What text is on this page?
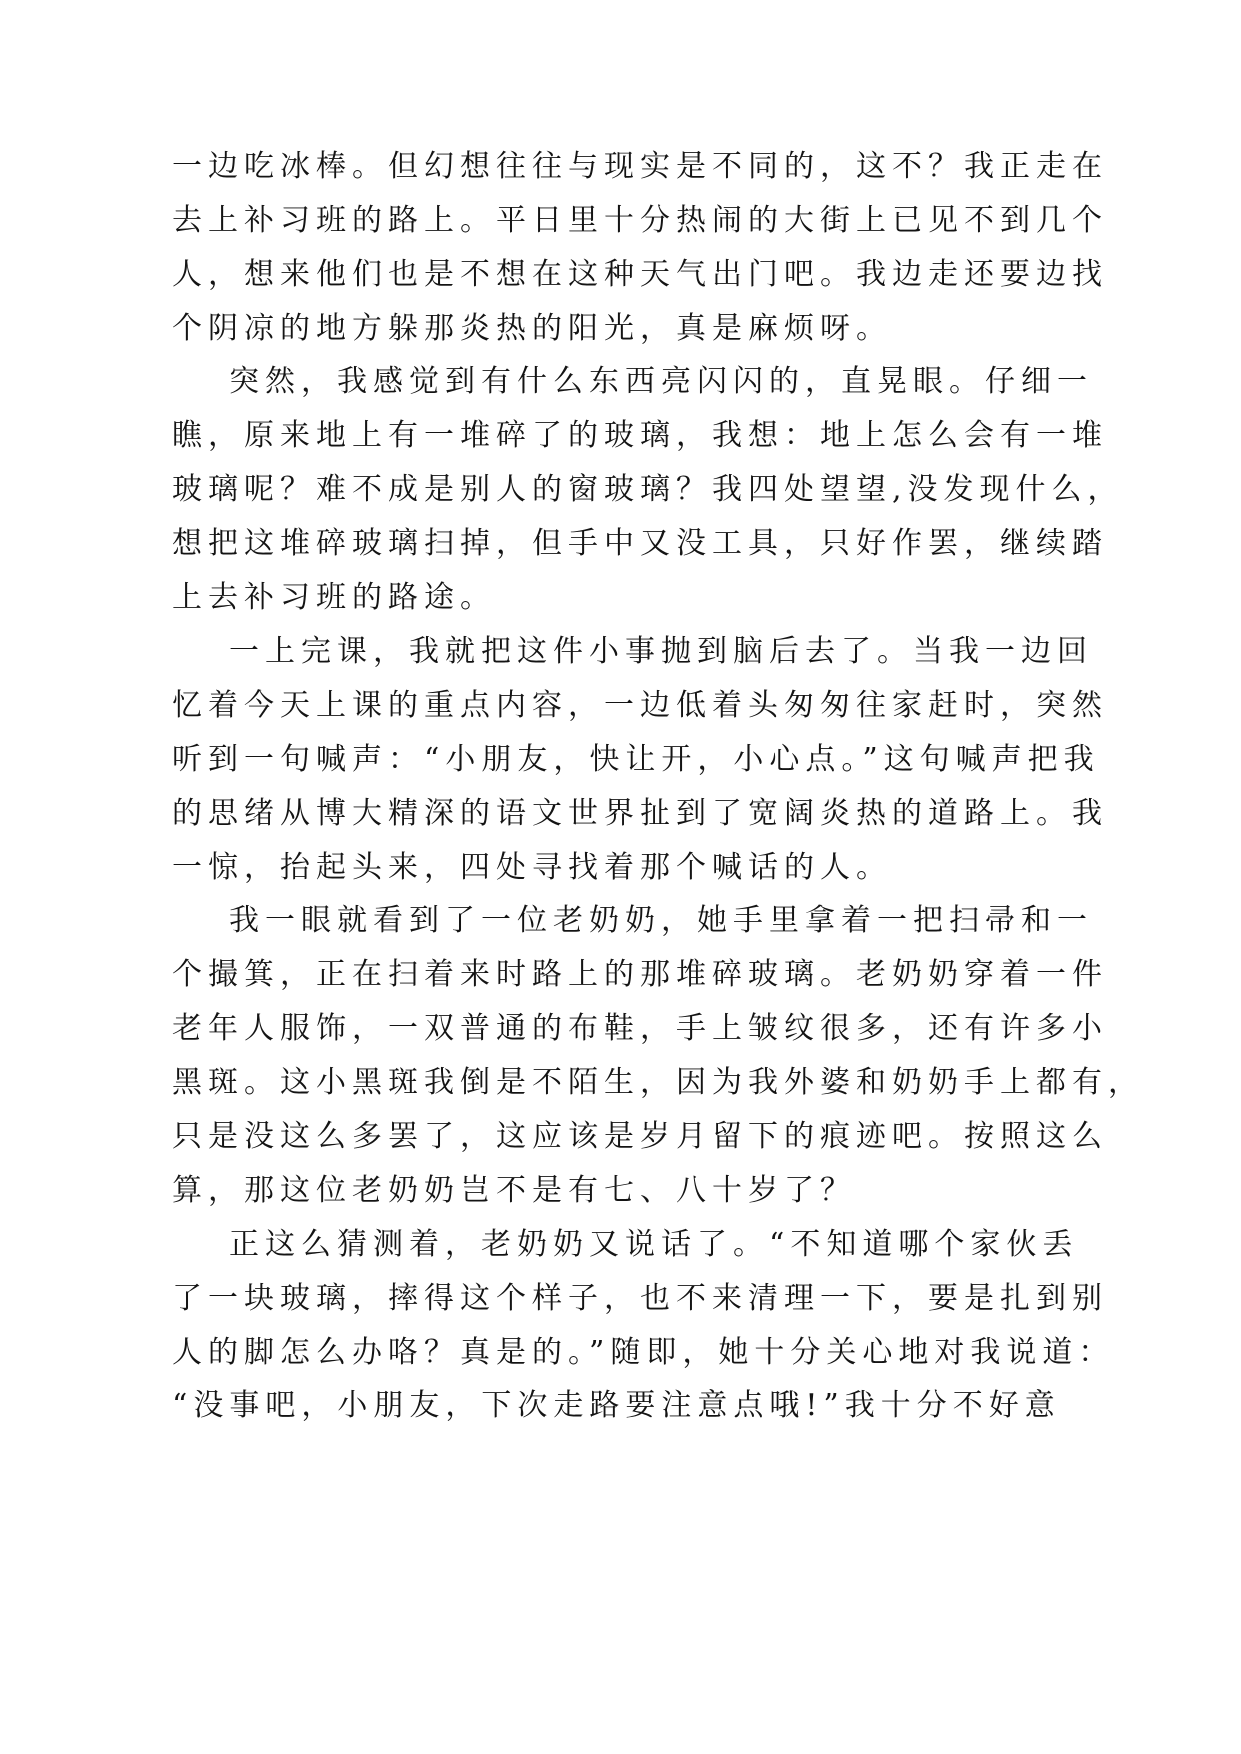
一边吃冰棒。但幻想往往与现实是不同的，这不？我正走在
去上补习班的路上。平日里十分热闹的大街上已见不到几个
人，想来他们也是不想在这种天气出门吧。我边走还要边找
个阴凉的地方躲那炎热的阳光，真是麻烦呀。
突然，我感觉到有什么东西亮闪闪的，直晃眼。仔细一
瞧，原来地上有一堆碎了的玻璃，我想：地上怎么会有一堆
玻璃呢？难不成是别人的窗玻璃？我四处望望,没发现什么，
想把这堆碎玻璃扫掉，但手中又没工具，只好作罢，继续踏
上去补习班的路途。
一上完课，我就把这件小事抛到脑后去了。当我一边回
忆着今天上课的重点内容，一边低着头匆匆往家赶时，突然
听到一句喊声：“小朋友，快让开，小心点。”这句喊声把我
的思绪从博大精深的语文世界扯到了宽阔炎热的道路上。我
一惊，抬起头来，四处寻找着那个喊话的人。
我一眼就看到了一位老奶奶，她手里拿着一把扫帚和一
个撮箕，正在扫着来时路上的那堆碎玻璃。老奶奶穿着一件
老年人服饰，一双普通的布鞋，手上皱纹很多，还有许多小
黑斑。这小黑斑我倒是不陌生，因为我外婆和奶奶手上都有，
只是没这么多罢了，这应该是岁月留下的痕迹吧。按照这么
算，那这位老奶奶岂不是有七、八十岁了？
正这么猜测着，老奶奶又说话了。“不知道哪个家伙丢
了一块玻璃，摔得这个样子，也不来清理一下，要是扎到别
人的脚怎么办咯？真是的。”随即，她十分关心地对我说道：
“没事吧，小朋友，下次走路要注意点哦!”我十分不好意
